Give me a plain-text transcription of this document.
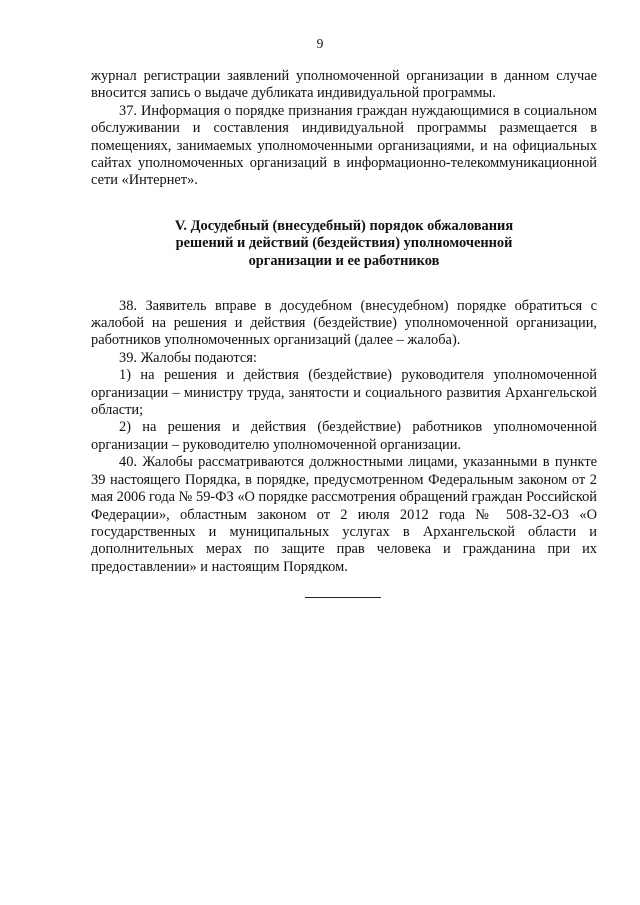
9

журнал регистрации заявлений уполномоченной организации в данном случае вносится запись о выдаче дубликата индивидуальной программы.

37. Информация о порядке признания граждан нуждающимися в социальном обслуживании и составления индивидуальной программы размещается в помещениях, занимаемых уполномоченными организациями, и на официальных сайтах уполномоченных организаций в информационно-телекоммуникационной сети «Интернет».

V. Досудебный (внесудебный) порядок обжалования
решений и действий (бездействия) уполномоченной
организации и ее работников

38. Заявитель вправе в досудебном (внесудебном) порядке обратиться с жалобой на решения и действия (бездействие) уполномоченной организации, работников уполномоченных организаций (далее – жалоба).

39. Жалобы подаются:

1) на решения и действия (бездействие) руководителя уполномоченной организации – министру труда, занятости и социального развития Архангельской области;

2) на решения и действия (бездействие) работников уполномоченной организации – руководителю уполномоченной организации.

40. Жалобы рассматриваются должностными лицами, указанными в пункте 39 настоящего Порядка, в порядке, предусмотренном Федеральным законом от 2 мая 2006 года № 59-ФЗ «О порядке рассмотрения обращений граждан Российской Федерации», областным законом от 2 июля 2012 года № 508-32-ОЗ «О государственных и муниципальных услугах в Архангельской области и дополнительных мерах по защите прав человека и гражданина при их предоставлении» и настоящим Порядком.
